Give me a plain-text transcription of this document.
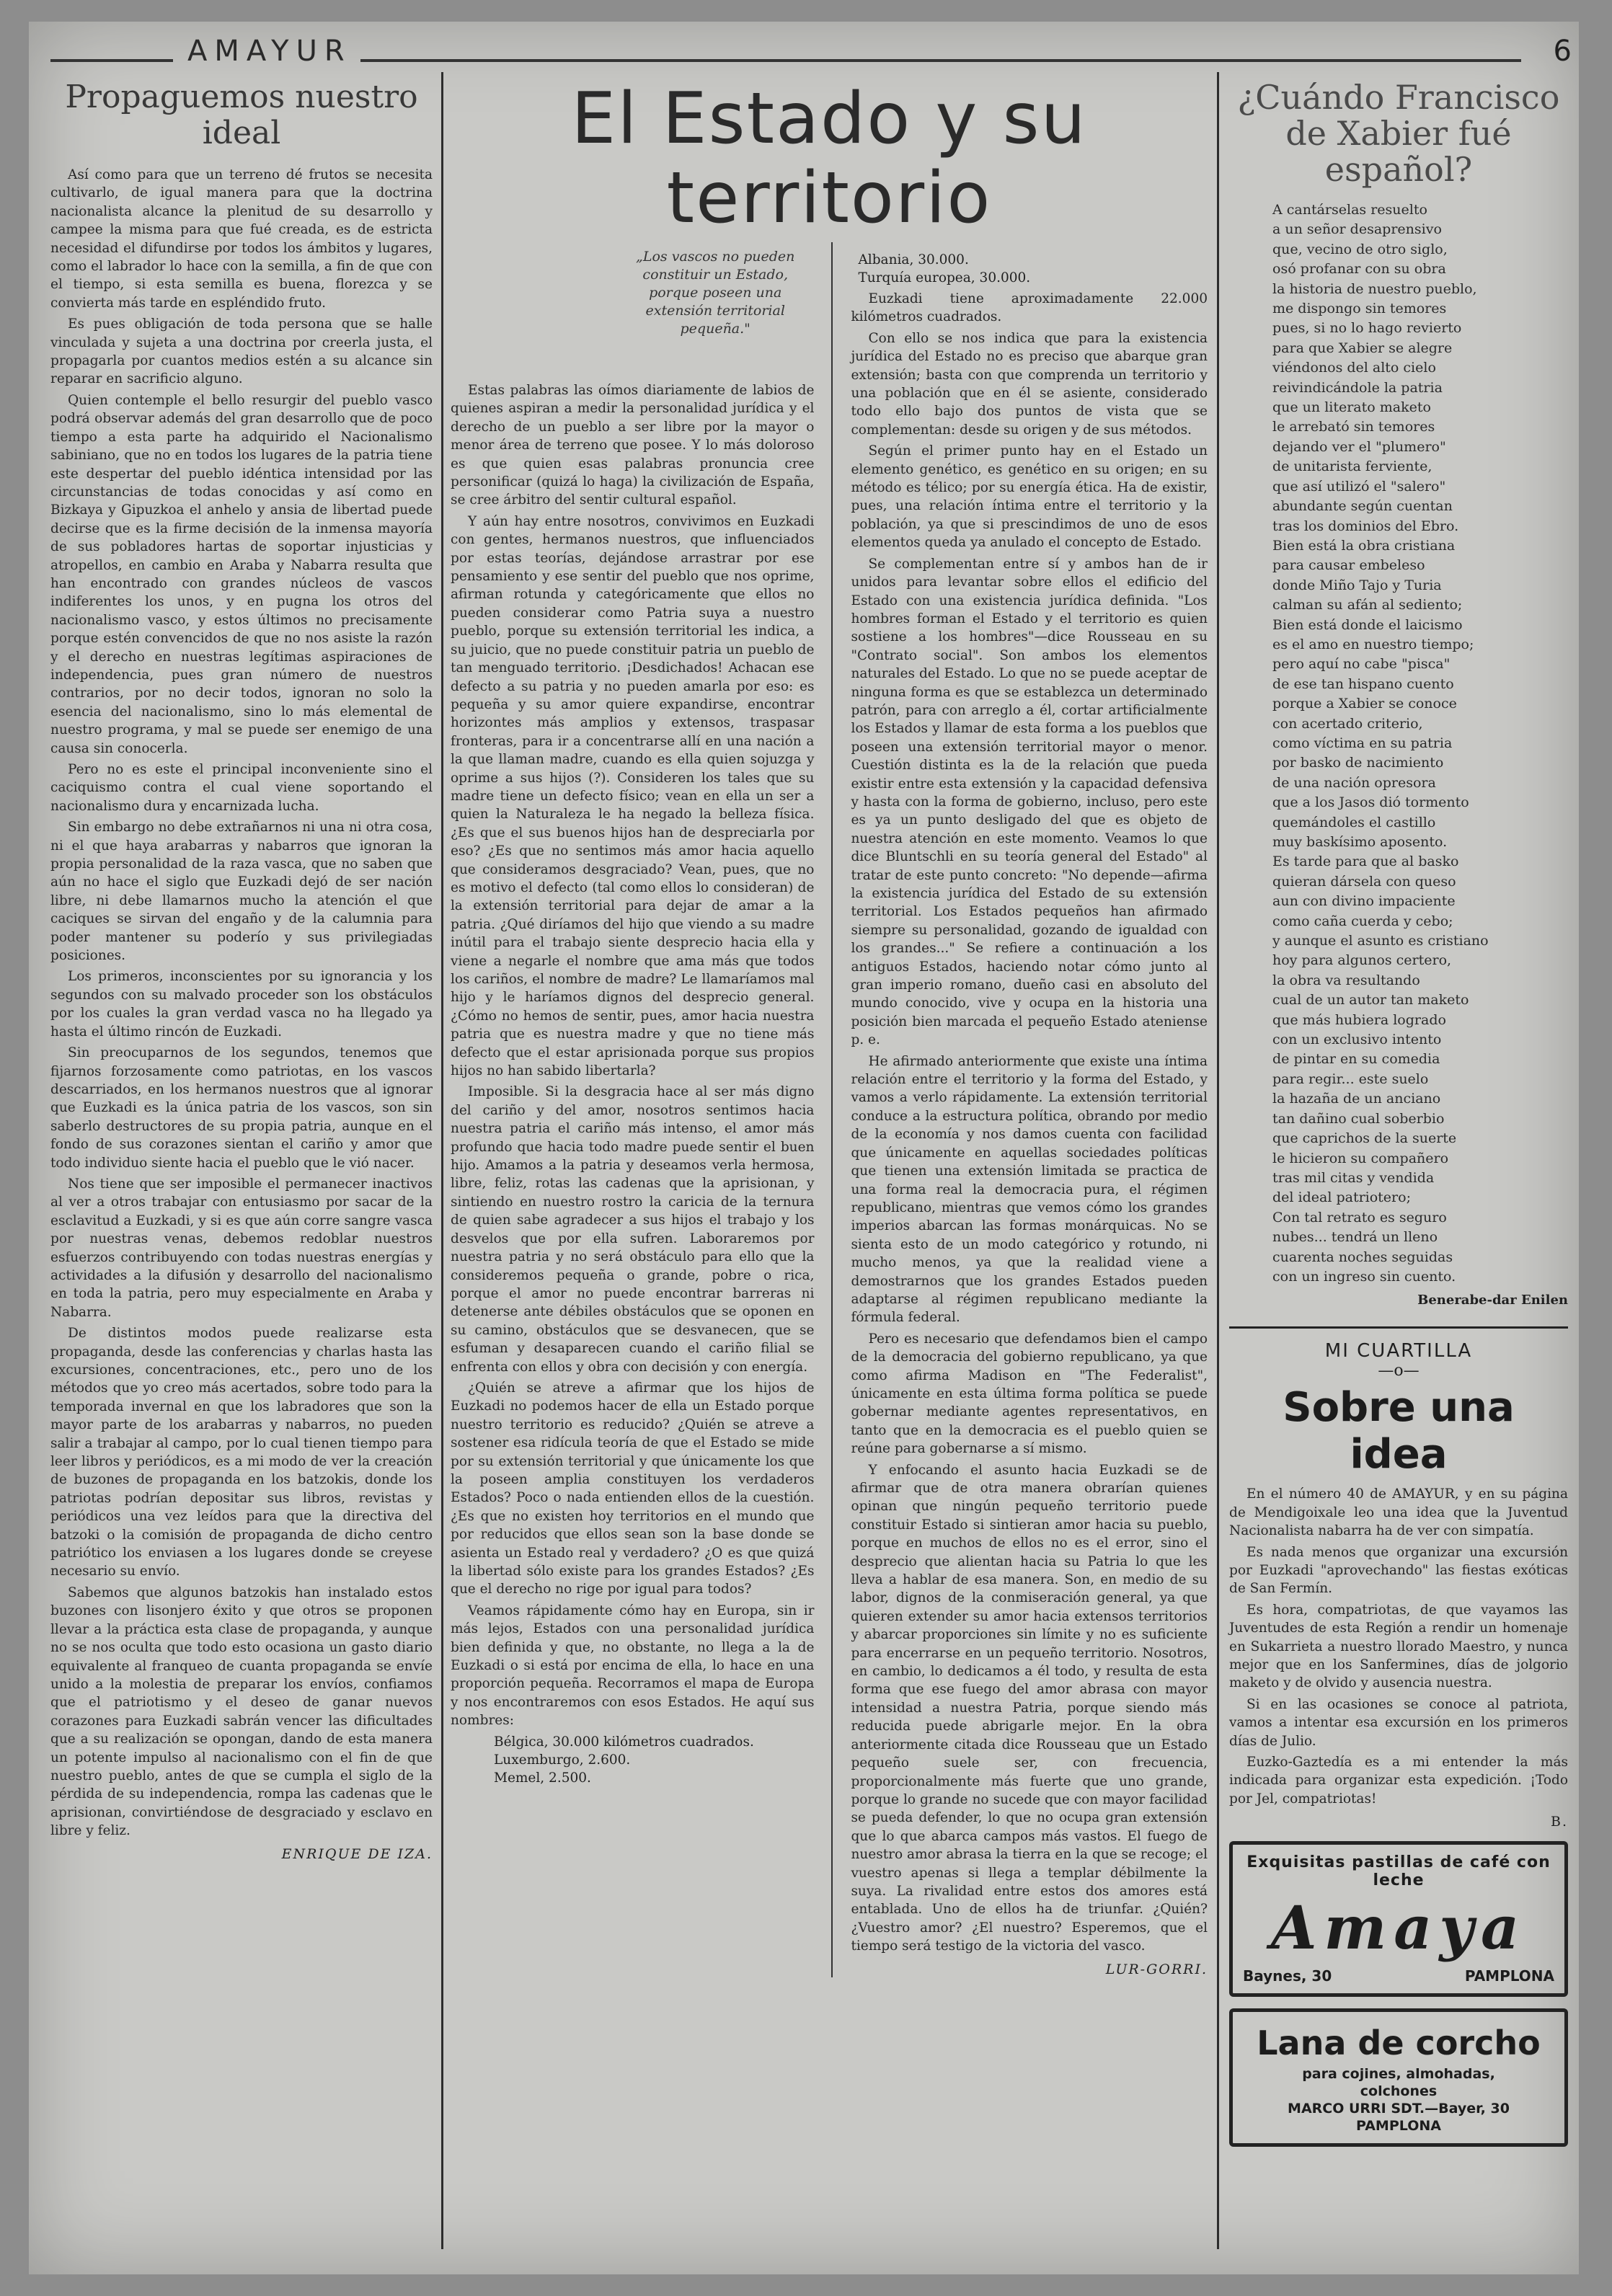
AMAYUR	6
Propaguemos nuestro ideal

Así como para que un terreno dé frutos se necesita cultivarlo, de igual manera para que la doctrina nacionalista alcance la plenitud de su desarrollo y campee la misma para que fué creada, es de estricta necesidad el difundirse por todos los ámbitos y lugares, como el labrador lo hace con la semilla, a fin de que con el tiempo, si esta semilla es buena, florezca y se convierta más tarde en espléndido fruto.

Es pues obligación de toda persona que se halle vinculada y sujeta a una doctrina por creerla justa, el propagarla por cuantos medios estén a su alcance sin reparar en sacrificio alguno.

Quien contemple el bello resurgir del pueblo vasco podrá observar además del gran desarrollo que de poco tiempo a esta parte ha adquirido el Nacionalismo sabiniano, que no en todos los lugares de la patria tiene este despertar del pueblo idéntica intensidad por las circunstancias de todas conocidas y así como en Bizkaya y Gipuzkoa el anhelo y ansia de libertad puede decirse que es la firme decisión de la inmensa mayoría de sus pobladores hartas de soportar injusticias y atropellos, en cambio en Araba y Nabarra resulta que han encontrado con grandes núcleos de vascos indiferentes los unos, y en pugna los otros del nacionalismo vasco, y estos últimos no precisamente porque estén convencidos de que no nos asiste la razón y el derecho en nuestras legítimas aspiraciones de independencia, pues gran número de nuestros contrarios, por no decir todos, ignoran no solo la esencia del nacionalismo, sino lo más elemental de nuestro programa, y mal se puede ser enemigo de una causa sin conocerla.

Pero no es este el principal inconveniente sino el caciquismo contra el cual viene soportando el nacionalismo dura y encarnizada lucha.

Sin embargo no debe extrañarnos ni una ni otra cosa, ni el que haya arabarras y nabarros que ignoran la propia personalidad de la raza vasca, que no saben que aún no hace el siglo que Euzkadi dejó de ser nación libre, ni debe llamarnos mucho la atención el que caciques se sirvan del engaño y de la calumnia para poder mantener su poderío y sus privilegiadas posiciones.

Los primeros, inconscientes por su ignorancia y los segundos con su malvado proceder son los obstáculos por los cuales la gran verdad vasca no ha llegado ya hasta el último rincón de Euzkadi.

Sin preocuparnos de los segundos, tenemos que fijarnos forzosamente como patriotas, en los vascos descarriados, en los hermanos nuestros que al ignorar que Euzkadi es la única patria de los vascos, son sin saberlo destructores de su propia patria, aunque en el fondo de sus corazones sientan el cariño y amor que todo individuo siente hacia el pueblo que le vió nacer.

Nos tiene que ser imposible el permanecer inactivos al ver a otros trabajar con entusiasmo por sacar de la esclavitud a Euzkadi, y si es que aún corre sangre vasca por nuestras venas, debemos redoblar nuestros esfuerzos contribuyendo con todas nuestras energías y actividades a la difusión y desarrollo del nacionalismo en toda la patria, pero muy especialmente en Araba y Nabarra.

De distintos modos puede realizarse esta propaganda, desde las conferencias y charlas hasta las excursiones, concentraciones, etc., pero uno de los métodos que yo creo más acertados, sobre todo para la temporada invernal en que los labradores que son la mayor parte de los arabarras y nabarros, no pueden salir a trabajar al campo, por lo cual tienen tiempo para leer libros y periódicos, es a mi modo de ver la creación de buzones de propaganda en los batzokis, donde los patriotas podrían depositar sus libros, revistas y periódicos una vez leídos para que la directiva del batzoki o la comisión de propaganda de dicho centro patriótico los enviasen a los lugares donde se creyese necesario su envío.

Sabemos que algunos batzokis han instalado estos buzones con lisonjero éxito y que otros se proponen llevar a la práctica esta clase de propaganda, y aunque no se nos oculta que todo esto ocasiona un gasto diario equivalente al franqueo de cuanta propaganda se envíe unido a la molestia de preparar los envíos, confiamos que el patriotismo y el deseo de ganar nuevos corazones para Euzkadi sabrán vencer las dificultades que a su realización se opongan, dando de esta manera un potente impulso al nacionalismo con el fin de que nuestro pueblo, antes de que se cumpla el siglo de la pérdida de su independencia, rompa las cadenas que le aprisionan, convirtiéndose de desgraciado y esclavo en libre y feliz.

ENRIQUE DE IZA.
El Estado y su territorio
„Los vascos no pueden constituir un Estado, porque poseen una extensión territorial pequeña."

Estas palabras las oímos diariamente de labios de quienes aspiran a medir la personalidad jurídica y el derecho de un pueblo a ser libre por la mayor o menor área de terreno que posee. Y lo más doloroso es que quien esas palabras pronuncia cree personificar (quizá lo haga) la civilización de España, se cree árbitro del sentir cultural español.

Y aún hay entre nosotros, convivimos en Euzkadi con gentes, hermanos nuestros, que influenciados por estas teorías, dejándose arrastrar por ese pensamiento y ese sentir del pueblo que nos oprime, afirman rotunda y categóricamente que ellos no pueden considerar como Patria suya a nuestro pueblo, porque su extensión territorial les indica, a su juicio, que no puede constituir patria un pueblo de tan menguado territorio. ¡Desdichados! Achacan ese defecto a su patria y no pueden amarla por eso: es pequeña y su amor quiere expandirse, encontrar horizontes más amplios y extensos, traspasar fronteras, para ir a concentrarse allí en una nación a la que llaman madre, cuando es ella quien sojuzga y oprime a sus hijos (?). Consideren los tales que su madre tiene un defecto físico; vean en ella un ser a quien la Naturaleza le ha negado la belleza física. ¿Es que el sus buenos hijos han de despreciarla por eso? ¿Es que no sentimos más amor hacia aquello que consideramos desgraciado? Vean, pues, que no es motivo el defecto (tal como ellos lo consideran) de la extensión territorial para dejar de amar a la patria. ¿Qué diríamos del hijo que viendo a su madre inútil para el trabajo siente desprecio hacia ella y viene a negarle el nombre que ama más que todos los cariños, el nombre de madre? Le llamaríamos mal hijo y le haríamos dignos del desprecio general. ¿Cómo no hemos de sentir, pues, amor hacia nuestra patria que es nuestra madre y que no tiene más defecto que el estar aprisionada porque sus propios hijos no han sabido libertarla?

Imposible. Si la desgracia hace al ser más digno del cariño y del amor, nosotros sentimos hacia nuestra patria el cariño más intenso, el amor más profundo que hacia todo madre puede sentir el buen hijo. Amamos a la patria y deseamos verla hermosa, libre, feliz, rotas las cadenas que la aprisionan, y sintiendo en nuestro rostro la caricia de la ternura de quien sabe agradecer a sus hijos el trabajo y los desvelos que por ella sufren. Laboraremos por nuestra patria y no será obstáculo para ello que la consideremos pequeña o grande, pobre o rica, porque el amor no puede encontrar barreras ni detenerse ante débiles obstáculos que se oponen en su camino, obstáculos que se desvanecen, que se esfuman y desaparecen cuando el cariño filial se enfrenta con ellos y obra con decisión y con energía.

¿Quién se atreve a afirmar que los hijos de Euzkadi no podemos hacer de ella un Estado porque nuestro territorio es reducido? ¿Quién se atreve a sostener esa ridícula teoría de que el Estado se mide por su extensión territorial y que únicamente los que la poseen amplia constituyen los verdaderos Estados? Poco o nada entienden ellos de la cuestión. ¿Es que no existen hoy territorios en el mundo que por reducidos que ellos sean son la base donde se asienta un Estado real y verdadero? ¿O es que quizá la libertad sólo existe para los grandes Estados? ¿Es que el derecho no rige por igual para todos?

Veamos rápidamente cómo hay en Europa, sin ir más lejos, Estados con una personalidad jurídica bien definida y que, no obstante, no llega a la de Euzkadi o si está por encima de ella, lo hace en una proporción pequeña. Recorramos el mapa de Europa y nos encontraremos con esos Estados. He aquí sus nombres:

Bélgica, 30.000 kilómetros cuadrados.
Luxemburgo, 2.600.
Memel, 2.500.
Albania, 30.000.
Turquía europea, 30.000.

Euzkadi tiene aproximadamente 22.000 kilómetros cuadrados.

Con ello se nos indica que para la existencia jurídica del Estado no es preciso que abarque gran extensión; basta con que comprenda un territorio y una población que en él se asiente, considerado todo ello bajo dos puntos de vista que se complementan: desde su origen y de sus métodos.

Según el primer punto hay en el Estado un elemento genético, es genético en su origen; en su método es télico; por su energía ética. Ha de existir, pues, una relación íntima entre el territorio y la población, ya que si prescindimos de uno de esos elementos queda ya anulado el concepto de Estado.

Se complementan entre sí y ambos han de ir unidos para levantar sobre ellos el edificio del Estado con una existencia jurídica definida. "Los hombres forman el Estado y el territorio es quien sostiene a los hombres"—dice Rousseau en su "Contrato social". Son ambos los elementos naturales del Estado. Lo que no se puede aceptar de ninguna forma es que se establezca un determinado patrón, para con arreglo a él, cortar artificialmente los Estados y llamar de esta forma a los pueblos que poseen una extensión territorial mayor o menor. Cuestión distinta es la de la relación que pueda existir entre esta extensión y la capacidad defensiva y hasta con la forma de gobierno, incluso, pero este es ya un punto desligado del que es objeto de nuestra atención en este momento. Veamos lo que dice Bluntschli en su teoría general del Estado" al tratar de este punto concreto: "No depende—afirma la existencia jurídica del Estado de su extensión territorial. Los Estados pequeños han afirmado siempre su personalidad, gozando de igualdad con los grandes..." Se refiere a continuación a los antiguos Estados, haciendo notar cómo junto al gran imperio romano, dueño casi en absoluto del mundo conocido, vive y ocupa en la historia una posición bien marcada el pequeño Estado ateniense p. e.

He afirmado anteriormente que existe una íntima relación entre el territorio y la forma del Estado, y vamos a verlo rápidamente. La extensión territorial conduce a la estructura política, obrando por medio de la economía y nos damos cuenta con facilidad que únicamente en aquellas sociedades políticas que tienen una extensión limitada se practica de una forma real la democracia pura, el régimen republicano, mientras que vemos cómo los grandes imperios abarcan las formas monárquicas. No se sienta esto de un modo categórico y rotundo, ni mucho menos, ya que la realidad viene a demostrarnos que los grandes Estados pueden adaptarse al régimen republicano mediante la fórmula federal.

Pero es necesario que defendamos bien el campo de la democracia del gobierno republicano, ya que como afirma Madison en "The Federalist", únicamente en esta última forma política se puede gobernar mediante agentes representativos, en tanto que en la democracia es el pueblo quien se reúne para gobernarse a sí mismo.

Y enfocando el asunto hacia Euzkadi se de afirmar que de otra manera obrarían quienes opinan que ningún pequeño territorio puede constituir Estado si sintieran amor hacia su pueblo, porque en muchos de ellos no es el error, sino el desprecio que alientan hacia su Patria lo que les lleva a hablar de esa manera. Son, en medio de su labor, dignos de la conmiseración general, ya que quieren extender su amor hacia extensos territorios y abarcar proporciones sin límite y no es suficiente para encerrarse en un pequeño territorio. Nosotros, en cambio, lo dedicamos a él todo, y resulta de esta forma que ese fuego del amor abrasa con mayor intensidad a nuestra Patria, porque siendo más reducida puede abrigarle mejor. En la obra anteriormente citada dice Rousseau que un Estado pequeño suele ser, con frecuencia, proporcionalmente más fuerte que uno grande, porque lo grande no sucede que con mayor facilidad se pueda defender, lo que no ocupa gran extensión que lo que abarca campos más vastos. El fuego de nuestro amor abrasa la tierra en la que se recoge; el vuestro apenas si llega a templar débilmente la suya. La rivalidad entre estos dos amores está entablada. Uno de ellos ha de triunfar. ¿Quién? ¿Vuestro amor? ¿El nuestro? Esperemos, que el tiempo será testigo de la victoria del vasco.

LUR-GORRI.
¿Cuándo Francisco de Xabier fué español?
A cantárselas resuelto
a un señor desaprensivo
que, vecino de otro siglo,
osó profanar con su obra
la historia de nuestro pueblo,
me dispongo sin temores
pues, si no lo hago revierto
para que Xabier se alegre
viéndonos del alto cielo
reivindicándole la patria
que un literato maketo
le arrebató sin temores
dejando ver el "plumero"
de unitarista ferviente,
que así utilizó el "salero"
abundante según cuentan
tras los dominios del Ebro.
Bien está la obra cristiana
para causar embeleso
donde Miño Tajo y Turia
calman su afán al sediento;
Bien está donde el laicismo
es el amo en nuestro tiempo;
pero aquí no cabe "pisca"
de ese tan hispano cuento
porque a Xabier se conoce
con acertado criterio,
como víctima en su patria
por basko de nacimiento
de una nación opresora
que a los Jasos dió tormento
quemándoles el castillo
muy baskísimo aposento.
Es tarde para que al basko
quieran dársela con queso
aun con divino impaciente
como caña cuerda y cebo;
y aunque el asunto es cristiano
hoy para algunos certero,
la obra va resultando
cual de un autor tan maketo
que más hubiera logrado
con un exclusivo intento
de pintar en su comedia
para regir... este suelo
la hazaña de un anciano
tan dañino cual soberbio
que caprichos de la suerte
le hicieron su compañero
tras mil citas y vendida
del ideal patriotero;
Con tal retrato es seguro
nubes... tendrá un lleno
cuarenta noches seguidas
con un ingreso sin cuento.
Benerabe-dar Enilen
MI CUARTILLA
—o—
Sobre una idea

En el número 40 de AMAYUR, y en su página de Mendigoixale leo una idea que la Juventud Nacionalista nabarra ha de ver con simpatía.

Es nada menos que organizar una excursión por Euzkadi "aprovechando" las fiestas exóticas de San Fermín.

Es hora, compatriotas, de que vayamos las Juventudes de esta Región a rendir un homenaje en Sukarrieta a nuestro llorado Maestro, y nunca mejor que en los Sanfermines, días de jolgorio maketo y de olvido y ausencia nuestra.

Si en las ocasiones se conoce al patriota, vamos a intentar esa excursión en los primeros días de Julio.

Euzko-Gaztedía es a mi entender la más indicada para organizar esta expedición. ¡Todo por Jel, compatriotas!

B.
Exquisitas pastillas de café con leche
Amaya
Baynes, 30	PAMPLONA
Lana de corcho
para cojines, almohadas,
colchones
MARCO URRI SDT.—Bayer, 30
PAMPLONA
